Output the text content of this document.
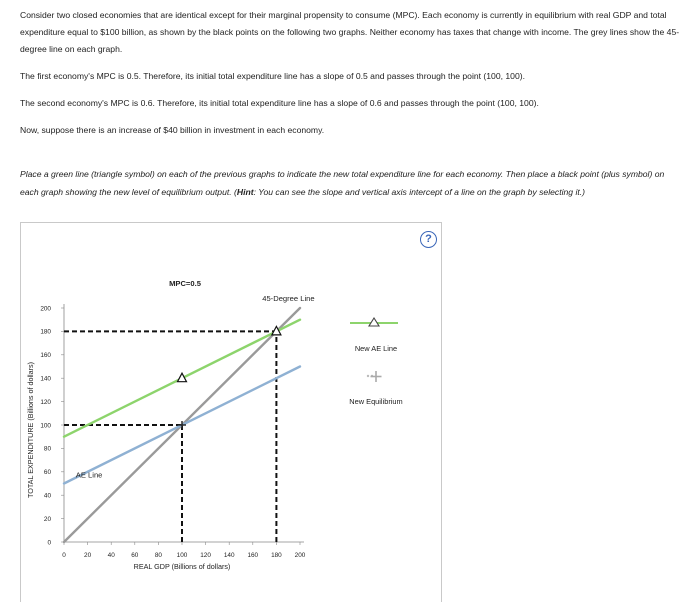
Consider two closed economies that are identical except for their marginal propensity to consume (MPC). Each economy is currently in equilibrium with real GDP and total expenditure equal to $100 billion, as shown by the black points on the following two graphs. Neither economy has taxes that change with income. The grey lines show the 45-degree line on each graph.

The first economy's MPC is 0.5. Therefore, its initial total expenditure line has a slope of 0.5 and passes through the point (100, 100).

The second economy's MPC is 0.6. Therefore, its initial total expenditure line has a slope of 0.6 and passes through the point (100, 100).

Now, suppose there is an increase of $40 billion in investment in each economy.

Place a green line (triangle symbol) on each of the previous graphs to indicate the new total expenditure line for each economy. Then place a black point (plus symbol) on each graph showing the new level of equilibrium output. (Hint: You can see the slope and vertical axis intercept of a line on the graph by selecting it.)

?
0	20	40	60	80 100 120 140 160 180 200
0
20
40
60
80
100
120
140
160
180
200
45-Degree Line
AE Line
MPC=0.5
REAL GDP (Billions of dollars)
TOTAL EXPENDITURE (Billions of dollars)
New AE Line
New Equilibrium
